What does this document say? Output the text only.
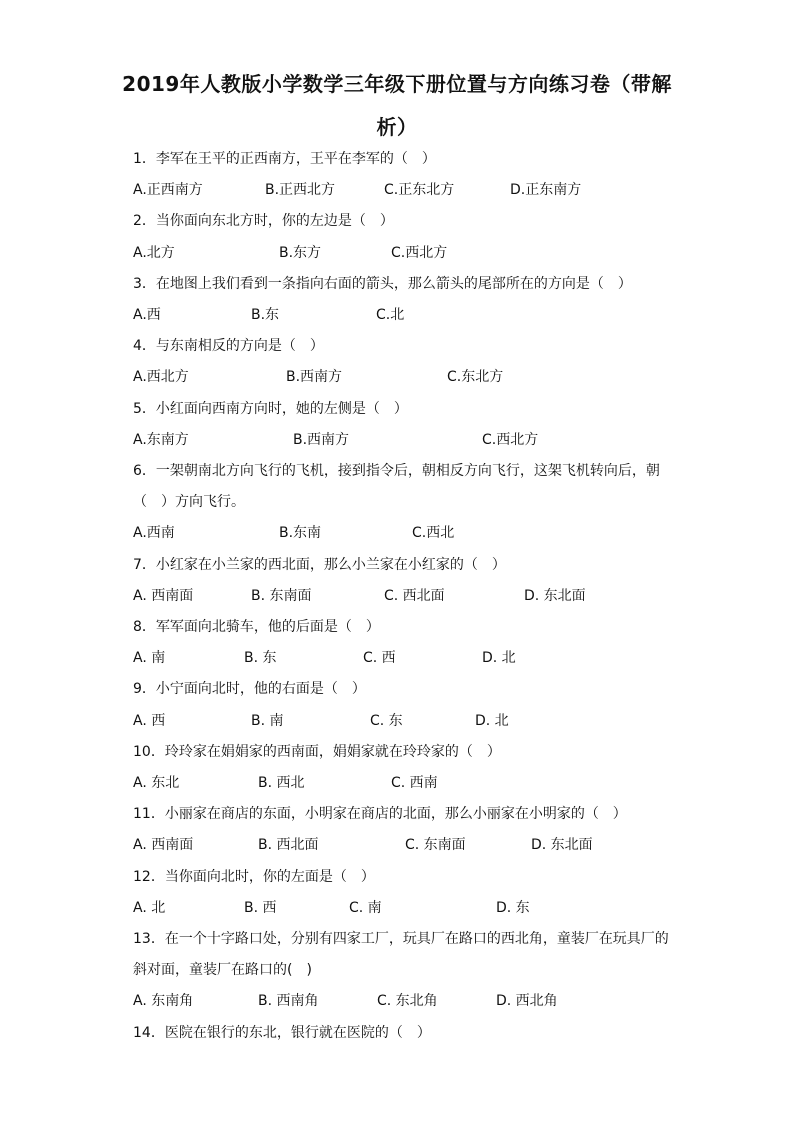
2019年人教版小学数学三年级下册位置与方向练习卷（带解
析）
1．李军在王平的正西南方，王平在李军的（　）
A.正西南方	B.正西北方	C.正东北方	D.正东南方
2．当你面向东北方时，你的左边是（　）
A.北方	B.东方	C.西北方
3．在地图上我们看到一条指向右面的箭头，那么箭头的尾部所在的方向是（　）
A.西	B.东	C.北
4．与东南相反的方向是（　）
A.西北方	B.西南方	C.东北方
5．小红面向西南方向时，她的左侧是（　）
A.东南方	B.西南方	C.西北方
6．一架朝南北方向飞行的飞机，接到指令后，朝相反方向飞行，这架飞机转向后，朝
（　）方向飞行。
A.西南	B.东南	C.西北
7．小红家在小兰家的西北面，那么小兰家在小红家的（　）
A. 西南面	B. 东南面	C. 西北面	D. 东北面
8．军军面向北骑车，他的后面是（　）
A. 南	B. 东	C. 西	D. 北
9．小宁面向北时，他的右面是（　）
A. 西	B. 南	C. 东	D. 北
10．玲玲家在娟娟家的西南面，娟娟家就在玲玲家的（　）
A. 东北	B. 西北	C. 西南
11．小丽家在商店的东面，小明家在商店的北面，那么小丽家在小明家的（　）
A. 西南面	B. 西北面	C. 东南面	D. 东北面
12．当你面向北时，你的左面是（　）
A. 北	B. 西	C. 南	D. 东
13．在一个十字路口处，分别有四家工厂，玩具厂在路口的西北角，童装厂在玩具厂的
斜对面，童装厂在路口的(　)
A. 东南角	B. 西南角	C. 东北角	D. 西北角
14．医院在银行的东北，银行就在医院的（　）
